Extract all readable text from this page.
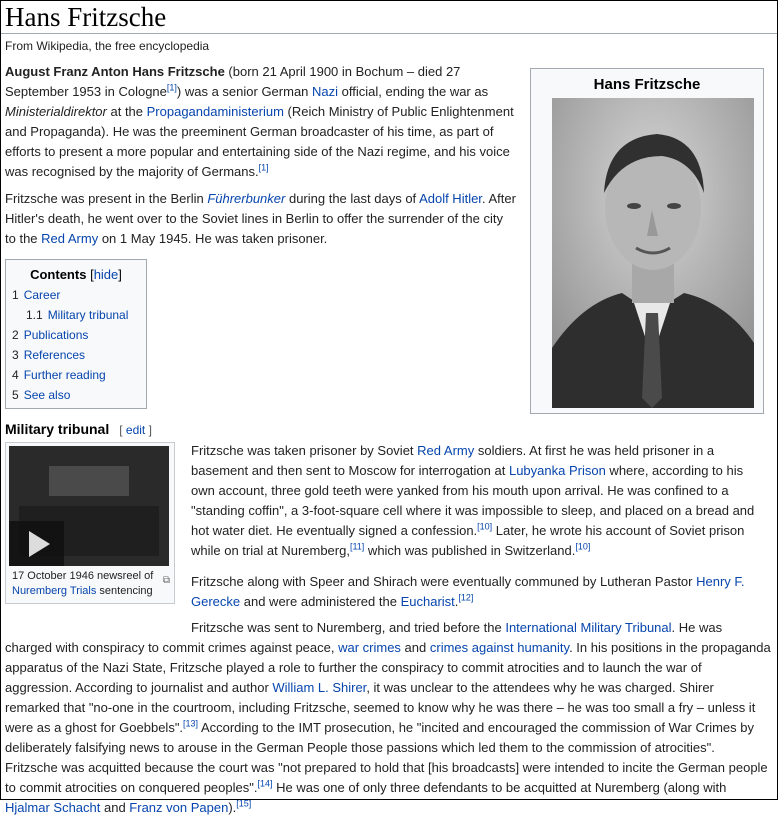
Hans Fritzsche
From Wikipedia, the free encyclopedia

August Franz Anton Hans Fritzsche (born 21 April 1900 in Bochum – died 27 September 1953 in Cologne[1]) was a senior German Nazi official, ending the war as Ministerialdirektor at the Propagandaministerium (Reich Ministry of Public Enlightenment and Propaganda). He was the preeminent German broadcaster of his time, as part of efforts to present a more popular and entertaining side of the Nazi regime, and his voice was recognised by the majority of Germans.[1]

Fritzsche was present in the Berlin Führerbunker during the last days of Adolf Hitler. After Hitler's death, he went over to the Soviet lines in Berlin to offer the surrender of the city to the Red Army on 1 May 1945. He was taken prisoner.

Hans Fritzsche
Contents [hide]
1 Career
1.1 Military tribunal
2 Publications
3 References
4 Further reading
5 See also
Military tribunal [ edit ]
17 October 1946 newsreel of Nuremberg Trials sentencing
⧉

Fritzsche was taken prisoner by Soviet Red Army soldiers. At first he was held prisoner in a basement and then sent to Moscow for interrogation at Lubyanka Prison where, according to his own account, three gold teeth were yanked from his mouth upon arrival. He was confined to a "standing coffin", a 3-foot-square cell where it was impossible to sleep, and placed on a bread and hot water diet. He eventually signed a confession.[10] Later, he wrote his account of Soviet prison while on trial at Nuremberg,[11] which was published in Switzerland.[10]

Fritzsche along with Speer and Shirach were eventually communed by Lutheran Pastor Henry F. Gerecke and were administered the Eucharist.[12]

Fritzsche was sent to Nuremberg, and tried before the International Military Tribunal. He was charged with conspiracy to commit crimes against peace, war crimes and crimes against humanity. In his positions in the propaganda apparatus of the Nazi State, Fritzsche played a role to further the conspiracy to commit atrocities and to launch the war of aggression. According to journalist and author William L. Shirer, it was unclear to the attendees why he was charged. Shirer remarked that "no-one in the courtroom, including Fritzsche, seemed to know why he was there – he was too small a fry – unless it were as a ghost for Goebbels".[13] According to the IMT prosecution, he "incited and encouraged the commission of War Crimes by deliberately falsifying news to arouse in the German People those passions which led them to the commission of atrocities". Fritzsche was acquitted because the court was "not prepared to hold that [his broadcasts] were intended to incite the German people to commit atrocities on conquered peoples".[14] He was one of only three defendants to be acquitted at Nuremberg (along with Hjalmar Schacht and Franz von Papen).[15]
